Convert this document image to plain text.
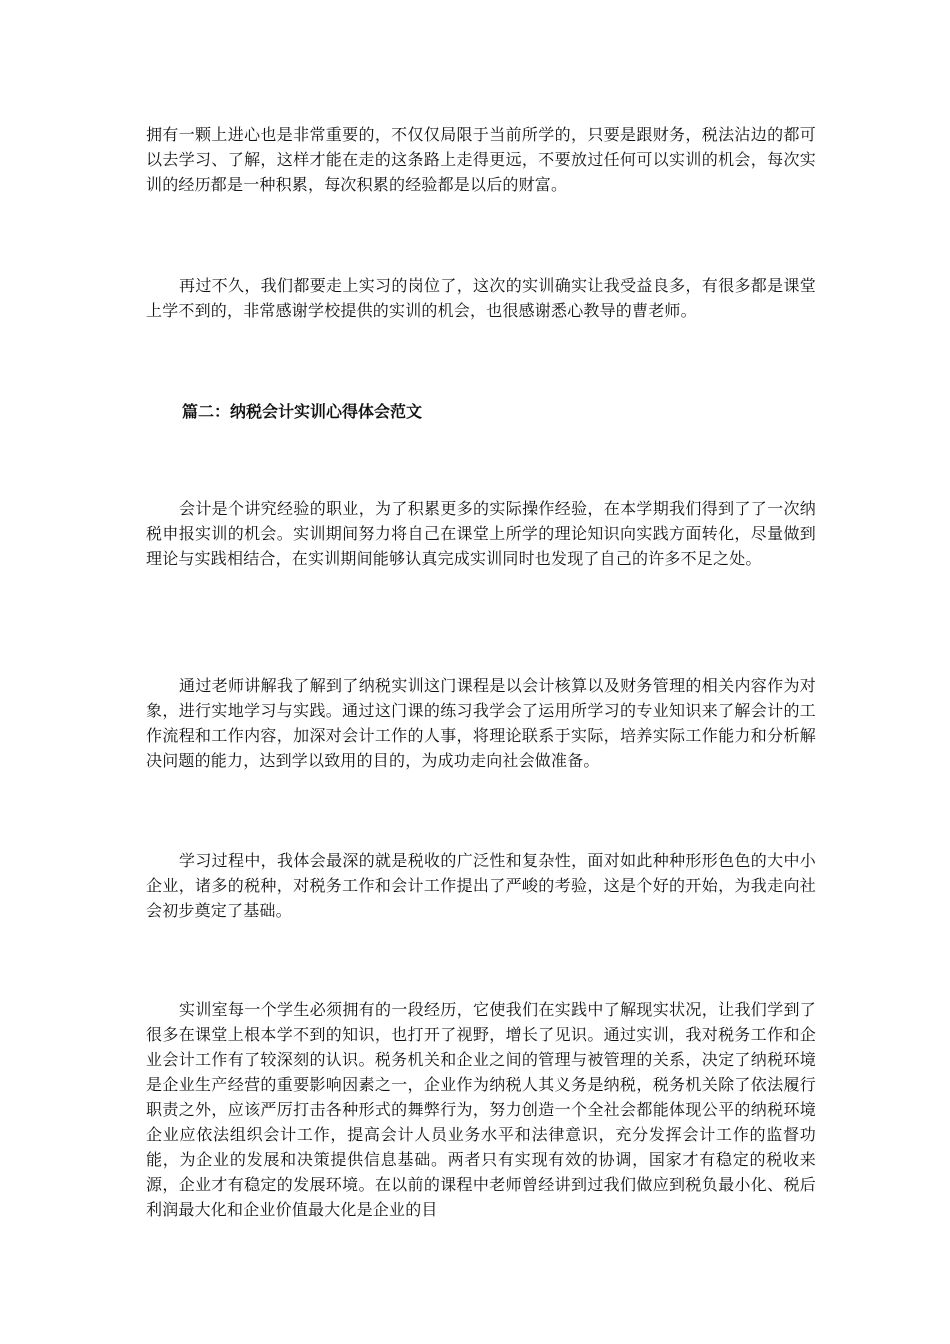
拥有一颗上进心也是非常重要的，不仅仅局限于当前所学的，只要是跟财务，税法沾边的都可以去学习、了解，这样才能在走的这条路上走得更远，不要放过任何可以实训的机会，每次实训的经历都是一种积累，每次积累的经验都是以后的财富。

再过不久，我们都要走上实习的岗位了，这次的实训确实让我受益良多，有很多都是课堂上学不到的，非常感谢学校提供的实训的机会，也很感谢悉心教导的曹老师。

篇二：纳税会计实训心得体会范文

会计是个讲究经验的职业，为了积累更多的实际操作经验，在本学期我们得到了了一次纳税申报实训的机会。实训期间努力将自己在课堂上所学的理论知识向实践方面转化，尽量做到理论与实践相结合，在实训期间能够认真完成实训同时也发现了自己的许多不足之处。

通过老师讲解我了解到了纳税实训这门课程是以会计核算以及财务管理的相关内容作为对象，进行实地学习与实践。通过这门课的练习我学会了运用所学习的专业知识来了解会计的工作流程和工作内容，加深对会计工作的人事，将理论联系于实际，培养实际工作能力和分析解决问题的能力，达到学以致用的目的，为成功走向社会做准备。

学习过程中，我体会最深的就是税收的广泛性和复杂性，面对如此种种形形色色的大中小企业，诸多的税种，对税务工作和会计工作提出了严峻的考验，这是个好的开始，为我走向社会初步奠定了基础。

实训室每一个学生必须拥有的一段经历，它使我们在实践中了解现实状况，让我们学到了很多在课堂上根本学不到的知识，也打开了视野，增长了见识。通过实训，我对税务工作和企业会计工作有了较深刻的认识。税务机关和企业之间的管理与被管理的关系，决定了纳税环境是企业生产经营的重要影响因素之一，企业作为纳税人其义务是纳税，税务机关除了依法履行职责之外，应该严厉打击各种形式的舞弊行为，努力创造一个全社会都能体现公平的纳税环境企业应依法组织会计工作，提高会计人员业务水平和法律意识，充分发挥会计工作的监督功能，为企业的发展和决策提供信息基础。两者只有实现有效的协调，国家才有稳定的税收来源，企业才有稳定的发展环境。在以前的课程中老师曾经讲到过我们做应到税负最小化、税后利润最大化和企业价值最大化是企业的目
